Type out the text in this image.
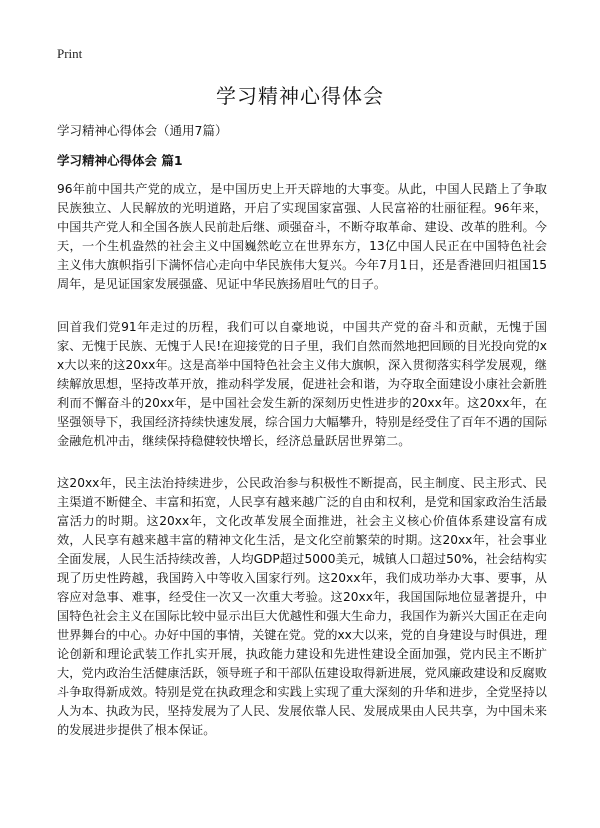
Print
学习精神心得体会

学习精神心得体会（通用7篇）

学习精神心得体会 篇1

96年前中国共产党的成立，是中国历史上开天辟地的大事变。从此，中国人民踏上了争取民族独立、人民解放的光明道路，开启了实现国家富强、人民富裕的壮丽征程。96年来，中国共产党人和全国各族人民前赴后继、顽强奋斗，不断夺取革命、建设、改革的胜利。今天，一个生机盎然的社会主义中国巍然屹立在世界东方，13亿中国人民正在中国特色社会主义伟大旗帜指引下满怀信心走向中华民族伟大复兴。今年7月1日，还是香港回归祖国15周年，是见证国家发展强盛、见证中华民族扬眉吐气的日子。

回首我们党91年走过的历程，我们可以自豪地说，中国共产党的奋斗和贡献，无愧于国家、无愧于民族、无愧于人民!在迎接党的日子里，我们自然而然地把回顾的目光投向党的xx大以来的这20xx年。这是高举中国特色社会主义伟大旗帜，深入贯彻落实科学发展观，继续解放思想，坚持改革开放，推动科学发展，促进社会和谐，为夺取全面建设小康社会新胜利而不懈奋斗的20xx年，是中国社会发生新的深刻历史性进步的20xx年。这20xx年，在坚强领导下，我国经济持续快速发展，综合国力大幅攀升，特别是经受住了百年不遇的国际金融危机冲击，继续保持稳健较快增长，经济总量跃居世界第二。

这20xx年，民主法治持续进步，公民政治参与积极性不断提高，民主制度、民主形式、民主渠道不断健全、丰富和拓宽，人民享有越来越广泛的自由和权利，是党和国家政治生活最富活力的时期。这20xx年，文化改革发展全面推进，社会主义核心价值体系建设富有成效，人民享有越来越丰富的精神文化生活，是文化空前繁荣的时期。这20xx年，社会事业全面发展，人民生活持续改善，人均GDP超过5000美元，城镇人口超过50%，社会结构实现了历史性跨越，我国跨入中等收入国家行列。这20xx年，我们成功举办大事、要事，从容应对急事、难事，经受住一次又一次重大考验。这20xx年，我国国际地位显著提升，中国特色社会主义在国际比较中显示出巨大优越性和强大生命力，我国作为新兴大国正在走向世界舞台的中心。办好中国的事情，关键在党。党的xx大以来，党的自身建设与时俱进，理论创新和理论武装工作扎实开展，执政能力建设和先进性建设全面加强，党内民主不断扩大，党内政治生活健康活跃，领导班子和干部队伍建设取得新进展，党风廉政建设和反腐败斗争取得新成效。特别是党在执政理念和实践上实现了重大深刻的升华和进步，全党坚持以人为本、执政为民，坚持发展为了人民、发展依靠人民、发展成果由人民共享，为中国未来的发展进步提供了根本保证。
